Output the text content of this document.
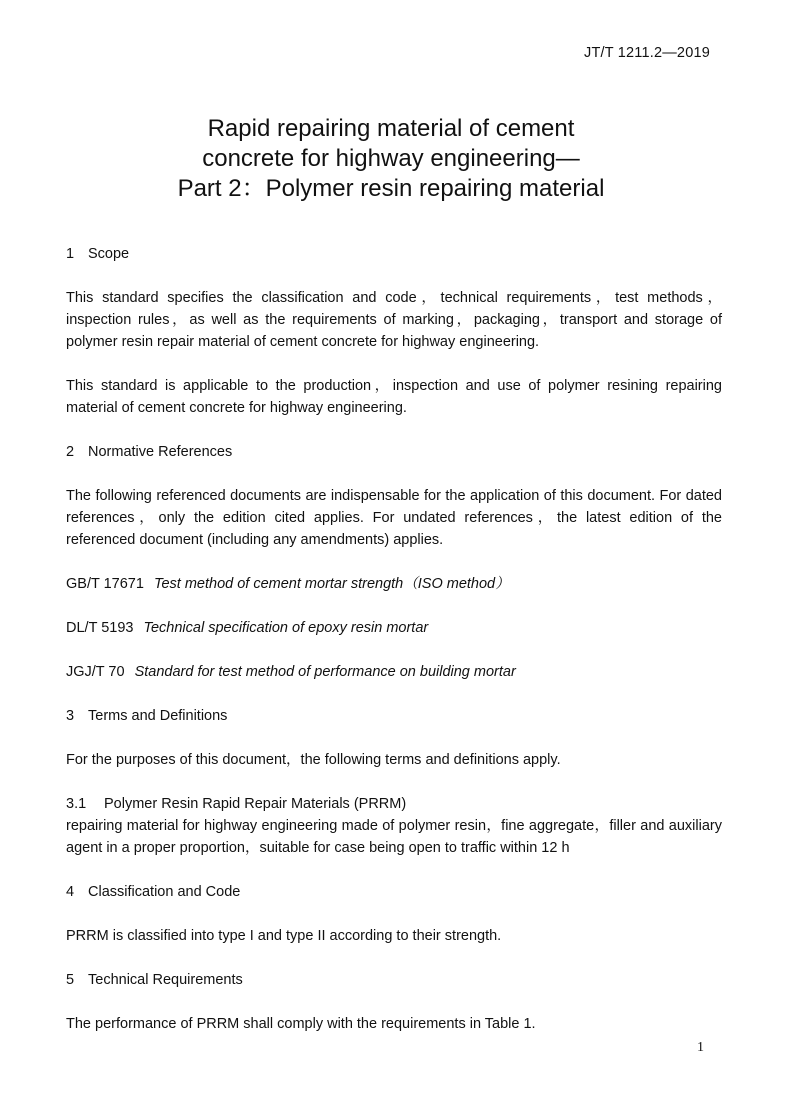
JT/T 1211.2—2019
Rapid repairing material of cement
concrete for highway engineering—
Part 2：Polymer resin repairing material
1 Scope
This standard specifies the classification and code，technical requirements，test methods，inspection rules，as well as the requirements of marking，packaging，transport and storage of polymer resin repair material of cement concrete for highway engineering.
This standard is applicable to the production，inspection and use of polymer resining repairing material of cement concrete for highway engineering.
2 Normative References
The following referenced documents are indispensable for the application of this document. For dated references，only the edition cited applies. For undated references，the latest edition of the referenced document (including any amendments) applies.
GB/T 17671 Test method of cement mortar strength（ISO method）
DL/T 5193 Technical specification of epoxy resin mortar
JGJ/T 70 Standard for test method of performance on building mortar
3 Terms and Definitions
For the purposes of this document，the following terms and definitions apply.
3.1 Polymer Resin Rapid Repair Materials (PRRM)
repairing material for highway engineering made of polymer resin，fine aggregate，filler and auxiliary agent in a proper proportion，suitable for case being open to traffic within 12 h
4 Classification and Code
PRRM is classified into type I and type II according to their strength.
5 Technical Requirements
The performance of PRRM shall comply with the requirements in Table 1.
1
